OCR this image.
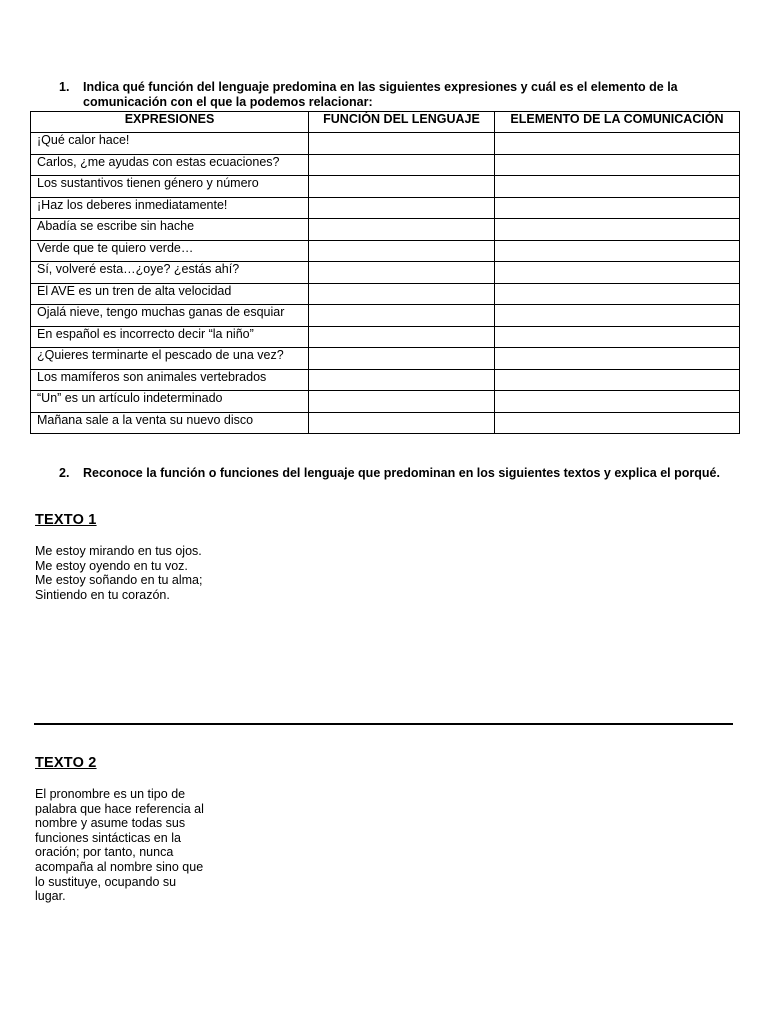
1. Indica qué función del lenguaje predomina en las siguientes expresiones y cuál es el elemento de la comunicación con el que la podemos relacionar:
EXPRESIONES	FUNCIÓN DEL LENGUAJE	ELEMENTO DE LA COMUNICACIÓN
¡Qué calor hace!		
Carlos, ¿me ayudas con estas ecuaciones?		
Los sustantivos tienen género y número		
¡Haz los deberes inmediatamente!		
Abadía se escribe sin hache		
Verde que te quiero verde…		
Sí, volveré esta…¿oye? ¿estás ahí?		
El AVE es un tren de alta velocidad		
Ojalá nieve, tengo muchas ganas de esquiar		
En español es incorrecto decir “la niño”		
¿Quieres terminarte el pescado de una vez?		
Los mamíferos son animales vertebrados		
“Un” es un artículo indeterminado		
Mañana sale a la venta su nuevo disco		
2. Reconoce la función o funciones del lenguaje que predominan en los siguientes textos y explica el porqué.
TEXTO 1
Me estoy mirando en tus ojos.
Me estoy oyendo en tu voz.
Me estoy soñando en tu alma;
Sintiendo en tu corazón.
TEXTO 2
El pronombre es un tipo de
palabra que hace referencia al
nombre y asume todas sus
funciones sintácticas en la
oración; por tanto, nunca
acompaña al nombre sino que
lo sustituye, ocupando su
lugar.
